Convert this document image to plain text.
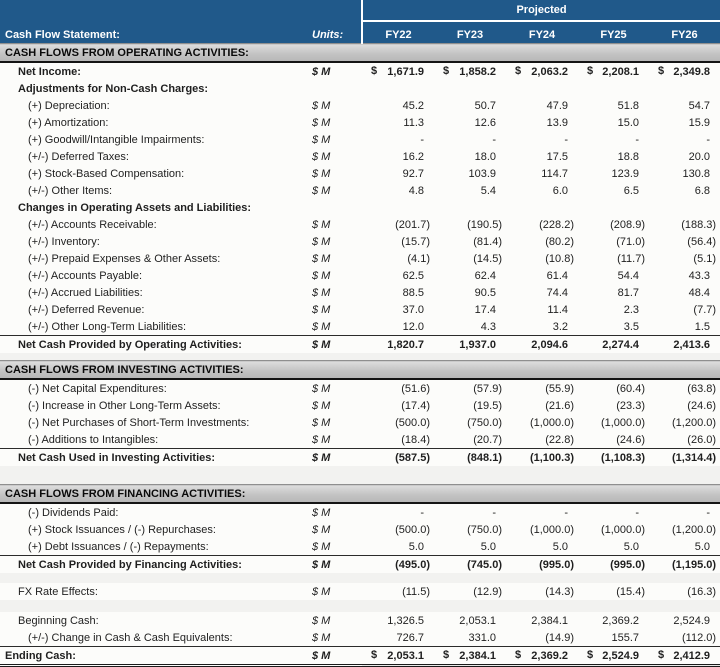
		Projected				
Cash Flow Statement:	Units:	FY22	FY23	FY24	FY25	FY26
CASH FLOWS FROM OPERATING ACTIVITIES:						
Net Income:	$ M	$ 1,671.9	$ 1,858.2	$ 2,063.2	$ 2,208.1	$ 2,349.8
Adjustments for Non-Cash Charges:						
(+) Depreciation:	$ M	45.2	50.7	47.9	51.8	54.7
(+) Amortization:	$ M	11.3	12.6	13.9	15.0	15.9
(+) Goodwill/Intangible Impairments:	$ M	-	-	-	-	-
(+/-) Deferred Taxes:	$ M	16.2	18.0	17.5	18.8	20.0
(+) Stock-Based Compensation:	$ M	92.7	103.9	114.7	123.9	130.8
(+/-) Other Items:	$ M	4.8	5.4	6.0	6.5	6.8
Changes in Operating Assets and Liabilities:						
(+/-) Accounts Receivable:	$ M	(201.7)	(190.5)	(228.2)	(208.9)	(188.3)
(+/-) Inventory:	$ M	(15.7)	(81.4)	(80.2)	(71.0)	(56.4)
(+/-) Prepaid Expenses & Other Assets:	$ M	(4.1)	(14.5)	(10.8)	(11.7)	(5.1)
(+/-) Accounts Payable:	$ M	62.5	62.4	61.4	54.4	43.3
(+/-) Accrued Liabilities:	$ M	88.5	90.5	74.4	81.7	48.4
(+/-) Deferred Revenue:	$ M	37.0	17.4	11.4	2.3	(7.7)
(+/-) Other Long-Term Liabilities:	$ M	12.0	4.3	3.2	3.5	1.5
Net Cash Provided by Operating Activities:	$ M	1,820.7	1,937.0	2,094.6	2,274.4	2,413.6

CASH FLOWS FROM INVESTING ACTIVITIES:						
(-) Net Capital Expenditures:	$ M	(51.6)	(57.9)	(55.9)	(60.4)	(63.8)
(-) Increase in Other Long-Term Assets:	$ M	(17.4)	(19.5)	(21.6)	(23.3)	(24.6)
(-) Net Purchases of Short-Term Investments:	$ M	(500.0)	(750.0)	(1,000.0)	(1,000.0)	(1,200.0)
(-) Additions to Intangibles:	$ M	(18.4)	(20.7)	(22.8)	(24.6)	(26.0)
Net Cash Used in Investing Activities:	$ M	(587.5)	(848.1)	(1,100.3)	(1,108.3)	(1,314.4)

CASH FLOWS FROM FINANCING ACTIVITIES:						
(-) Dividends Paid:	$ M	-	-	-	-	-
(+) Stock Issuances / (-) Repurchases:	$ M	(500.0)	(750.0)	(1,000.0)	(1,000.0)	(1,200.0)
(+) Debt Issuances / (-) Repayments:	$ M	5.0	5.0	5.0	5.0	5.0
Net Cash Provided by Financing Activities:	$ M	(495.0)	(745.0)	(995.0)	(995.0)	(1,195.0)

FX Rate Effects:	$ M	(11.5)	(12.9)	(14.3)	(15.4)	(16.3)

Beginning Cash:	$ M	1,326.5	2,053.1	2,384.1	2,369.2	2,524.9
(+/-) Change in Cash & Cash Equivalents:	$ M	726.7	331.0	(14.9)	155.7	(112.0)
Ending Cash:	$ M	$ 2,053.1	$ 2,384.1	$ 2,369.2	$ 2,524.9	$ 2,412.9
